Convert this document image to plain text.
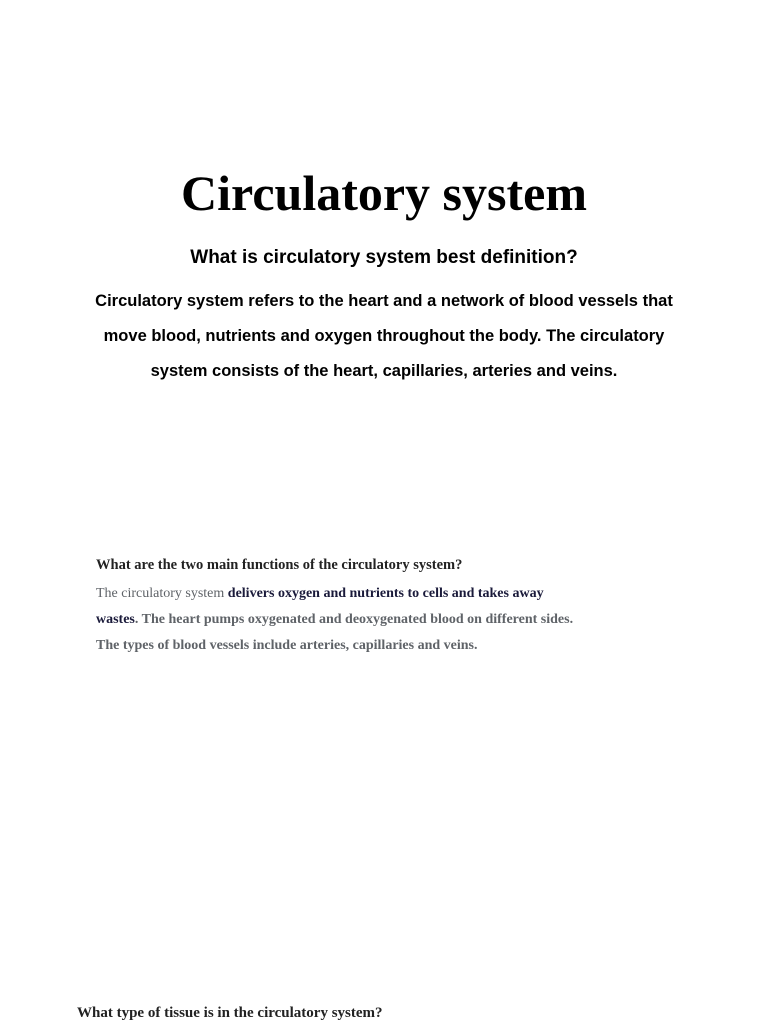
Circulatory system
What is circulatory system best definition?

Circulatory system refers to the heart and a network of blood vessels that move blood, nutrients and oxygen throughout the body. The circulatory system consists of the heart, capillaries, arteries and veins.

What are the two main functions of the circulatory system?

The circulatory system delivers oxygen and nutrients to cells and takes away wastes. The heart pumps oxygenated and deoxygenated blood on different sides. The types of blood vessels include arteries, capillaries and veins.

What type of tissue is in the circulatory system?
